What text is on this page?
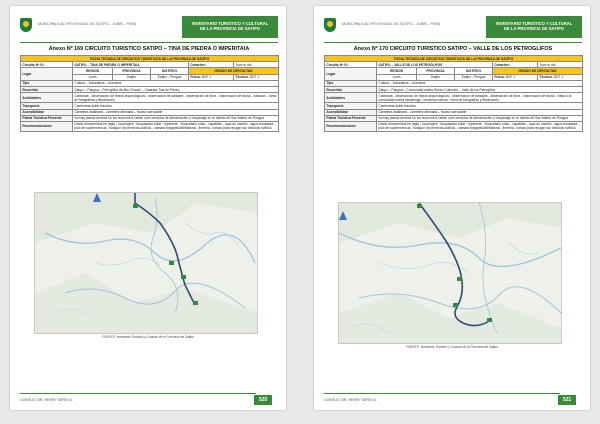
MUNICIPALIDAD PROVINCIAL DE SATIPO – JUNÍN - PERÚ	INVENTARIO TURISTICO Y CULTURAL
DE LA PROVINCIA DE SATIPO
Anexo Nº 169 CIRCUITO TURISTICO SATIPO – TINA DE PIEDRA O IMPERITAIA
FICHA TECNICA DE CIRCUITOS TURISTICOS DE LA PROVINCIA DE SATIPO					
Circuito Nº 01	SATIPO – TINA DE PIEDRA O IMPERITAIA			Duración:	Todo el día
Lugar	REGION	PROVINCIA	DISTRITO	GRADO DE DIFICULTAD	
	Junín	Satipo	Satipo - Pangoa	Física: DDF 1	Técnica: DDT 1
Tipo	Cultura – Naturaleza – Aventura				
Recorrido	Satipo – Pangoa – Petroglifos de Alto Chavini – Catarata Tina de Piedra				
Actividades	Caminata - observación de restos arqueológicos - observación de paisajes - observación de flora - observación de fauna - natación - toma de fotografías y filmaciones.				
Transporte	Camioneta doble tracción				
Accesibilidad	Carretera asfaltada – carretera afirmada – trocha carrozable				
Planta Turística Presente	No hay planta turística en los recursos a visitar, solo servicios de alimentación y hospedaje en el distrito de San Martín de Pangoa.				
Recomendaciones	Llevar documentos en regla - ropa ligera - bloqueador solar - repelente - bloqueador solar - zapatillas - ropa de cambio - agua envasada - polo de supervivencia - botiquín de primeros auxilios - cámara fotográfica/filmadora - linterna - bolsas para recoger los residuos sólidos.				
FUENTE: Inventario Turístico y Cultural de la Provincia de Satipo
CONSULTOR: HENRY SERIN S.	520
MUNICIPALIDAD PROVINCIAL DE SATIPO – JUNÍN - PERÚ	INVENTARIO TURISTICO Y CULTURAL
DE LA PROVINCIA DE SATIPO
Anexo Nº 170 CIRCUITO TURISTICO SATIPO – VALLE DE LOS PETROGLIFOS
FICHA TECNICA DE CIRCUITOS TURISTICOS DE LA PROVINCIA DE SATIPO					
Circuito Nº 01	SATIPO – VALLE DE LOS PETROGLIFOS			Duración:	Todo el día
Lugar	REGION	PROVINCIA	DISTRITO	GRADO DE DIFICULTAD	
	Junín	Satipo	Satipo - Pangoa	Física: DDF 1	Técnica: DDT 1
Tipo	Cultura – Naturaleza – Aventura				
Recorrido	Satipo – Pangoa – Comunidad nativa Sector Cutivireni – Valle de los Petroglifos				
Actividades	Caminata - observación de restos arqueológicos - observación de paisajes - observación de flora - observación de fauna - visita a la comunidad nativa asháninga - medicina natural - toma de fotografías y filmaciones.				
Transporte	Camioneta doble tracción				
Accesibilidad	Carretera asfaltada – carretera afirmada – trocha carrozable				
Planta Turística Presente	No hay planta turística en los recursos a visitar, solo servicios de alimentación y hospedaje en el distrito de San Martín de Pangoa.				
Recomendaciones	Llevar documentos en regla - ropa ligera - bloqueador solar - repelente - bloqueador solar - zapatillas - ropa de cambio - agua envasada - polo de supervivencia - botiquín de primeros auxilios - cámara fotográfica/filmadora - linterna - bolsas para recoger los residuos sólidos.				
FUENTE: Inventario Turístico y Cultural de la Provincia de Satipo
CONSULTOR: HENRY SERIN S.	521
